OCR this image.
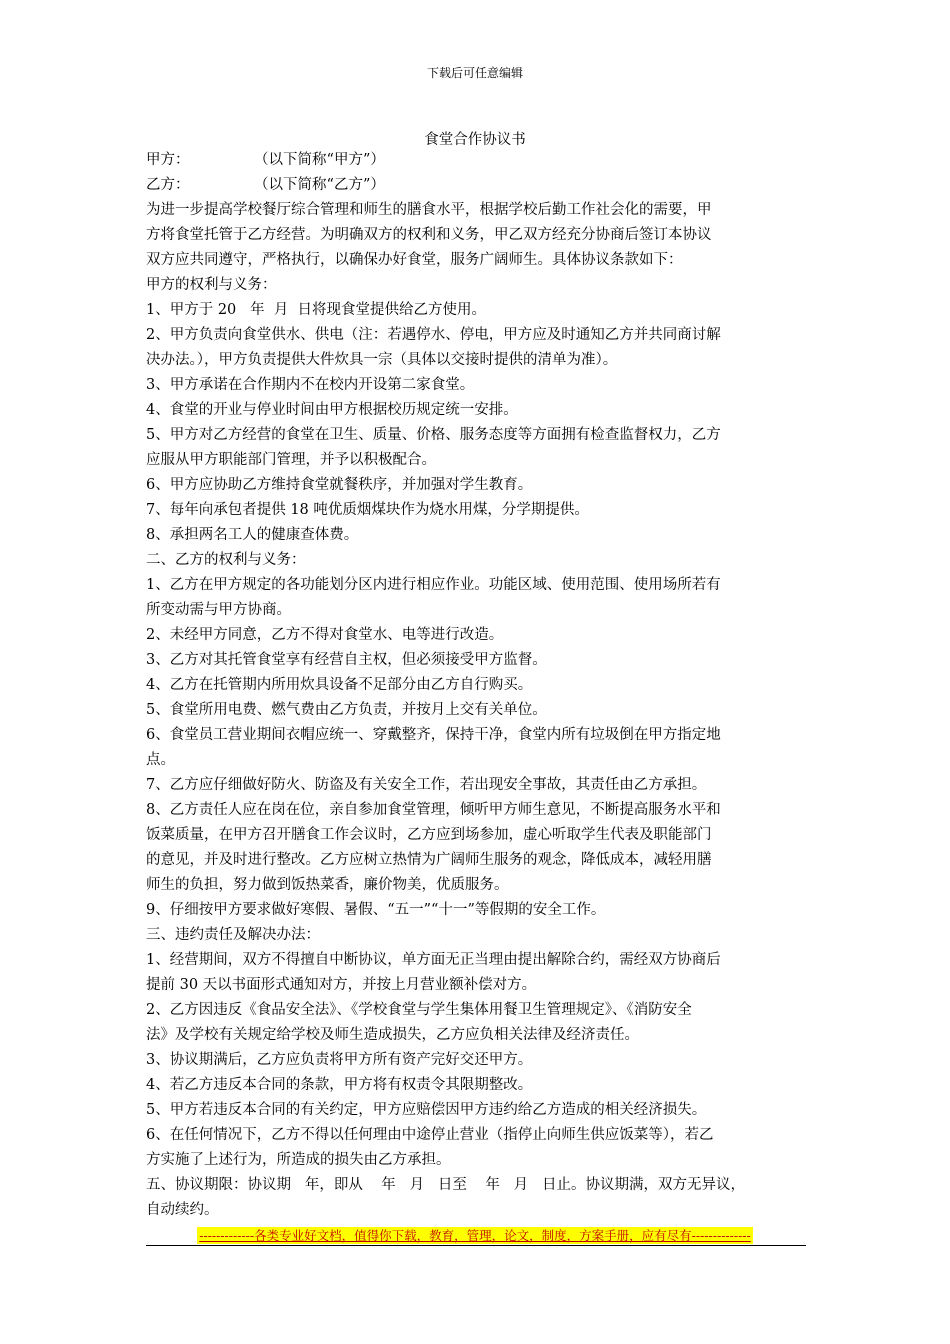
下载后可任意编辑
食堂合作协议书
甲方：              （以下简称“甲方”）
乙方：              （以下简称“乙方”）
为进一步提高学校餐厅综合管理和师生的膳食水平，根据学校后勤工作社会化的需要，甲
方将食堂托管于乙方经营。为明确双方的权利和义务，甲乙双方经充分协商后签订本协议
双方应共同遵守，严格执行，以确保办好食堂，服务广阔师生。具体协议条款如下：
甲方的权利与义务：
1、甲方于 20   年  月  日将现食堂提供给乙方使用。
2、甲方负责向食堂供水、供电（注：若遇停水、停电，甲方应及时通知乙方并共同商讨解
决办法。），甲方负责提供大件炊具一宗（具体以交接时提供的清单为准）。
3、甲方承诺在合作期内不在校内开设第二家食堂。
4、食堂的开业与停业时间由甲方根据校历规定统一安排。
5、甲方对乙方经营的食堂在卫生、质量、价格、服务态度等方面拥有检查监督权力，乙方
应服从甲方职能部门管理，并予以积极配合。
6、甲方应协助乙方维持食堂就餐秩序，并加强对学生教育。
7、每年向承包者提供 18 吨优质烟煤块作为烧水用煤，分学期提供。
8、承担两名工人的健康查体费。
二、乙方的权利与义务：
1、乙方在甲方规定的各功能划分区内进行相应作业。功能区域、使用范围、使用场所若有
所变动需与甲方协商。
2、未经甲方同意，乙方不得对食堂水、电等进行改造。
3、乙方对其托管食堂享有经营自主权，但必须接受甲方监督。
4、乙方在托管期内所用炊具设备不足部分由乙方自行购买。
5、食堂所用电费、燃气费由乙方负责，并按月上交有关单位。
6、食堂员工营业期间衣帽应统一、穿戴整齐，保持干净，食堂内所有垃圾倒在甲方指定地
点。
7、乙方应仔细做好防火、防盗及有关安全工作，若出现安全事故，其责任由乙方承担。
8、乙方责任人应在岗在位，亲自参加食堂管理，倾听甲方师生意见，不断提高服务水平和
饭菜质量，在甲方召开膳食工作会议时，乙方应到场参加，虚心听取学生代表及职能部门
的意见，并及时进行整改。乙方应树立热情为广阔师生服务的观念，降低成本，减轻用膳
师生的负担，努力做到饭热菜香，廉价物美，优质服务。
9、仔细按甲方要求做好寒假、暑假、“五一”“十一”等假期的安全工作。
三、违约责任及解决办法：
1、经营期间，双方不得擅自中断协议，单方面无正当理由提出解除合约，需经双方协商后
提前 30 天以书面形式通知对方，并按上月营业额补偿对方。
2、乙方因违反《食品安全法》、《学校食堂与学生集体用餐卫生管理规定》、《消防安全
法》及学校有关规定给学校及师生造成损失，乙方应负相关法律及经济责任。
3、协议期满后，乙方应负责将甲方所有资产完好交还甲方。
4、若乙方违反本合同的条款，甲方将有权责令其限期整改。
5、甲方若违反本合同的有关约定，甲方应赔偿因甲方违约给乙方造成的相关经济损失。
6、在任何情况下，乙方不得以任何理由中途停止营业（指停止向师生供应饭菜等），若乙
方实施了上述行为，所造成的损失由乙方承担。
五、协议期限：协议期   年，即从    年   月   日至    年   月   日止。协议期满，双方无异议，
自动续约。
-------------各类专业好文档，值得你下载，教育，管理，论文，制度，方案手册，应有尽有--------------
